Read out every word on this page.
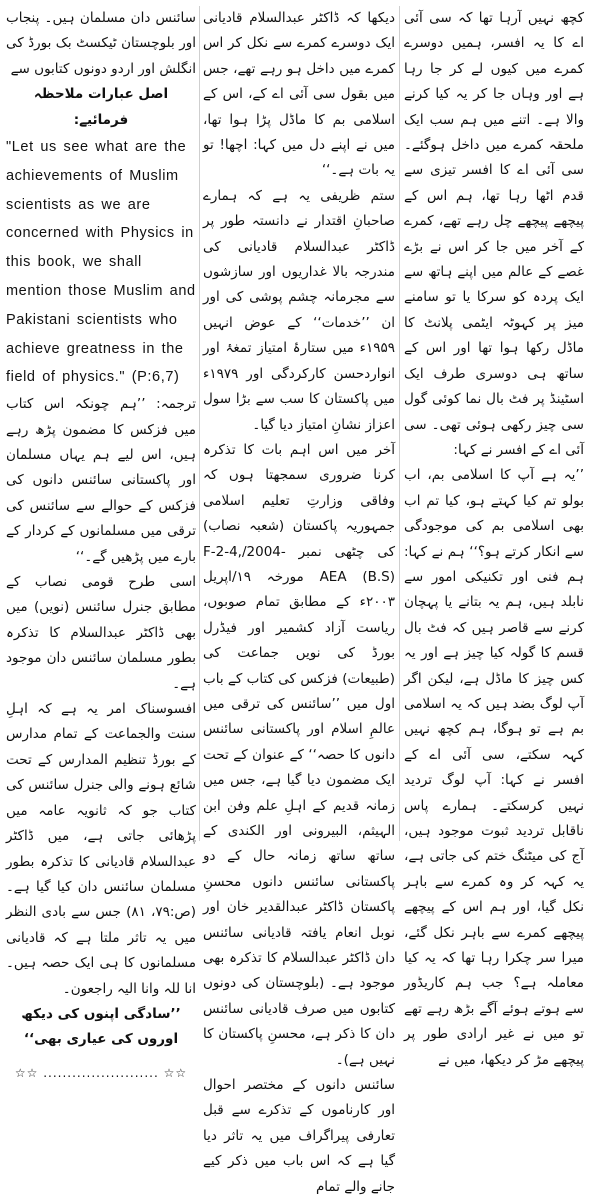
کچھ نہیں آرہا تھا کہ سی آئی اے کا یہ افسر، ہمیں دوسرے کمرے میں کیوں لے کر جا رہا ہے اور وہاں جا کر یہ کیا کرنے والا ہے۔ اتنے میں ہم سب ایک ملحقہ کمرے میں داخل ہوگئے۔ سی آئی اے کا افسر تیزی سے قدم اٹھا رہا تھا، ہم اس کے پیچھے پیچھے چل رہے تھے، کمرے کے آخر میں جا کر اس نے بڑے غصے کے عالم میں اپنے ہاتھ سے ایک پردہ کو سرکا یا تو سامنے میز پر کہوٹہ ایٹمی پلانٹ کا ماڈل رکھا ہوا تھا اور اس کے ساتھ ہی دوسری طرف ایک اسٹینڈ پر فٹ بال نما کوئی گول سی چیز رکھی ہوئی تھی۔ سی آئی اے کے افسر نے کہا:

’’یہ ہے آپ کا اسلامی بم، اب بولو تم کیا کہتے ہو، کیا تم اب بھی اسلامی بم کی موجودگی سے انکار کرتے ہو؟‘‘ ہم نے کہا: ہم فنی اور تکنیکی امور سے نابلد ہیں، ہم یہ بتانے یا پہچان کرنے سے قاصر ہیں کہ فٹ بال قسم کا گولہ کیا چیز ہے اور یہ کس چیز کا ماڈل ہے، لیکن اگر آپ لوگ بضد ہیں کہ یہ اسلامی بم ہے تو ہوگا، ہم کچھ نہیں کہہ سکتے، سی آئی اے کے افسر نے کہا: آپ لوگ تردید نہیں کرسکتے۔ ہمارے پاس ناقابل تردید ثبوت موجود ہیں، آج کی میٹنگ ختم کی جاتی ہے، یہ کہہ کر وہ کمرے سے باہر نکل گیا، اور ہم اس کے پیچھے پیچھے کمرے سے باہر نکل گئے، میرا سر چکرا رہا تھا کہ یہ کیا معاملہ ہے؟ جب ہم کاریڈور سے ہوتے ہوئے آگے بڑھ رہے تھے تو میں نے غیر ارادی طور پر پیچھے مڑ کر دیکھا، میں نے

دیکھا کہ ڈاکٹر عبدالسلام قادیانی ایک دوسرے کمرے سے نکل کر اس کمرے میں داخل ہو رہے تھے، جس میں بقول سی آئی اے کے، اس کے اسلامی بم کا ماڈل پڑا ہوا تھا، میں نے اپنے دل میں کہا: اچھا! تو یہ بات ہے۔‘‘

ستم ظریفی یہ ہے کہ ہمارے صاحبانِ اقتدار نے دانستہ طور پر ڈاکٹر عبدالسلام قادیانی کی مندرجہ بالا غداریوں اور سازشوں سے مجرمانہ چشم پوشی کی اور ان ’’خدمات‘‘ کے عوض انہیں ۱۹۵۹ء میں ستارۂ امتیاز تمغۂ اور انواردحسن کارکردگی اور ۱۹۷۹ء میں پاکستان کا سب سے بڑا سول اعزاز نشانِ امتیاز دیا گیا۔

آخر میں اس اہم بات کا تذکرہ کرنا ضروری سمجھتا ہوں کہ وفاقی وزارتِ تعلیم اسلامی جمہوریہ پاکستان (شعبہ نصاب) کی چٹھی نمبر F-2-4,/2004-AEA (B.S) مورخہ ۱۹/اپریل ۲۰۰۳ء کے مطابق تمام صوبوں، ریاست آزاد کشمیر اور فیڈرل بورڈ کی نویں جماعت کی (طبیعات) فزکس کی کتاب کے باب اول میں ’’سائنس کی ترقی میں عالمِ اسلام اور پاکستانی سائنس دانوں کا حصہ‘‘ کے عنوان کے تحت ایک مضمون دیا گیا ہے، جس میں زمانہ قدیم کے اہلِ علم وفن ابن الہیثم، البیرونی اور الکندی کے ساتھ ساتھ زمانہ حال کے دو پاکستانی سائنس دانوں محسنِ پاکستان ڈاکٹر عبدالقدیر خان اور نوبل انعام یافتہ قادیانی سائنس دان ڈاکٹر عبدالسلام کا تذکرہ بھی موجود ہے۔ (بلوچستان کی دونوں کتابوں میں صرف قادیانی سائنس دان کا ذکر ہے، محسنِ پاکستان کا نہیں ہے)۔

سائنس دانوں کے مختصر احوال اور کارناموں کے تذکرے سے قبل تعارفی پیراگراف میں یہ تاثر دیا گیا ہے کہ اس باب میں ذکر کیے جانے والے تمام

سائنس دان مسلمان ہیں۔ پنجاب اور بلوچستان ٹیکسٹ بک بورڈ کی انگلش اور اردو دونوں کتابوں سے

اصل عبارات ملاحظہ فرمائیے:

"Let us see what are the achievements of Muslim scientists as we are concerned with Physics in this book, we shall mention those Muslim and Pakistani scientists who achieve greatness in the field of physics." (P:6,7)

ترجمہ: ’’ہم چونکہ اس کتاب میں فزکس کا مضمون پڑھ رہے ہیں، اس لیے ہم یہاں مسلمان اور پاکستانی سائنس دانوں کی فزکس کے حوالے سے سائنس کی ترقی میں مسلمانوں کے کردار کے بارے میں پڑھیں گے۔‘‘

اسی طرح قومی نصاب کے مطابق جنرل سائنس (نویں) میں بھی ڈاکٹر عبدالسلام کا تذکرہ بطور مسلمان سائنس دان موجود ہے۔

افسوسناک امر یہ ہے کہ اہلِ سنت والجماعت کے تمام مدارس کے بورڈ تنظیم المدارس کے تحت شائع ہونے والی جنرل سائنس کی کتاب جو کہ ثانویہ عامہ میں پڑھائی جاتی ہے، میں ڈاکٹر عبدالسلام قادیانی کا تذکرہ بطور مسلمان سائنس دان کیا گیا ہے۔ (ص:۷۹، ۸۱) جس سے بادی النظر میں یہ تاثر ملتا ہے کہ قادیانی مسلمانوں کا ہی ایک حصہ ہیں۔ انا للہ وانا الیہ راجعون۔

’’سادگی اپنوں کی دیکھ اوروں کی عیاری بھی‘‘

☆☆ ........................ ☆☆
